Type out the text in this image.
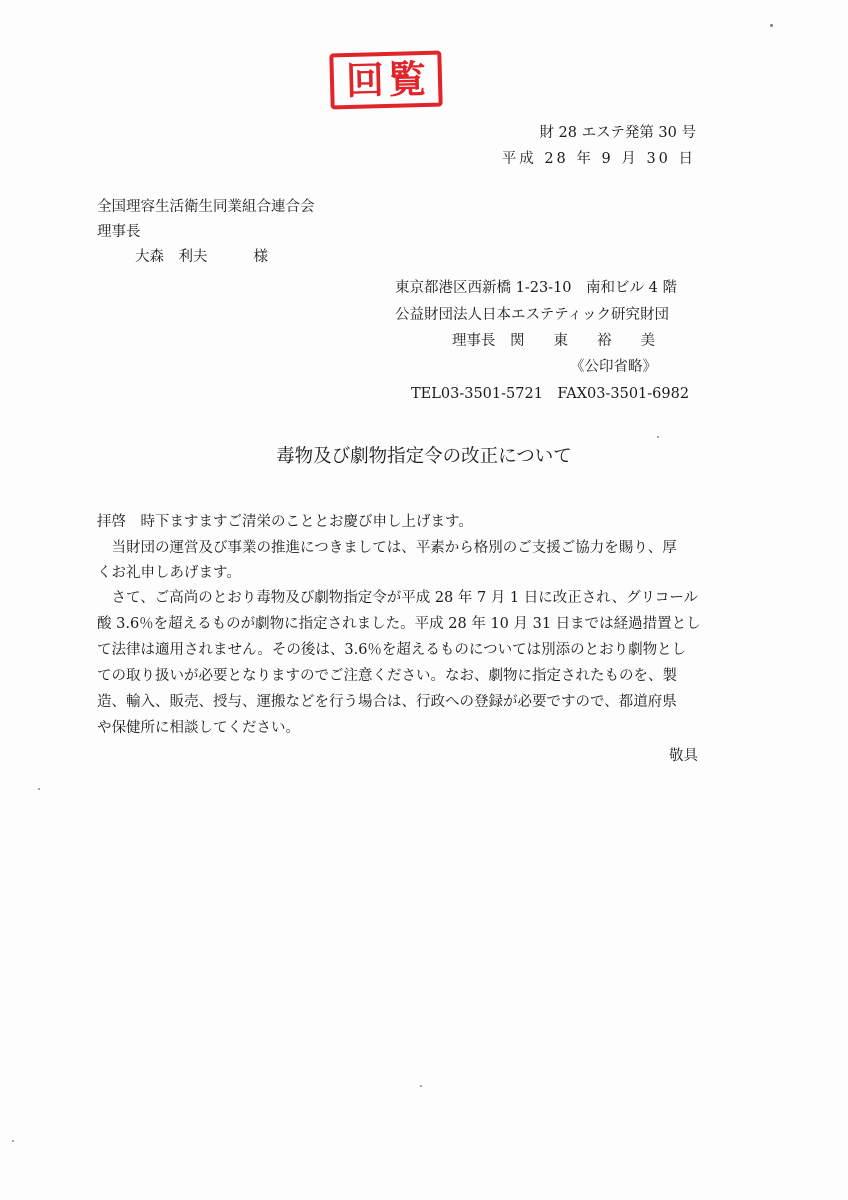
回覧
財 28 エステ発第 30 号
平成 28 年 9 月 30 日
全国理容生活衛生同業組合連合会
理事長
大森　利夫	様
東京都港区西新橋 1-23-10　南和ビル 4 階
公益財団法人日本エステティック研究財団
理事長　関　　東　　裕　　美
《公印省略》
TEL03-3501-5721　FAX03-3501-6982
毒物及び劇物指定令の改正について
拝啓　時下ますますご清栄のこととお慶び申し上げます。
　当財団の運営及び事業の推進につきましては、平素から格別のご支援ご協力を賜り、厚
くお礼申しあげます。
　さて、ご高尚のとおり毒物及び劇物指定令が平成 28 年 7 月 1 日に改正され、グリコール
酸 3.6％を超えるものが劇物に指定されました。平成 28 年 10 月 31 日までは経過措置とし
て法律は適用されません。その後は、3.6％を超えるものについては別添のとおり劇物とし
ての取り扱いが必要となりますのでご注意ください。なお、劇物に指定されたものを、製
造、輸入、販売、授与、運搬などを行う場合は、行政への登録が必要ですので、都道府県
や保健所に相談してください。
敬具
